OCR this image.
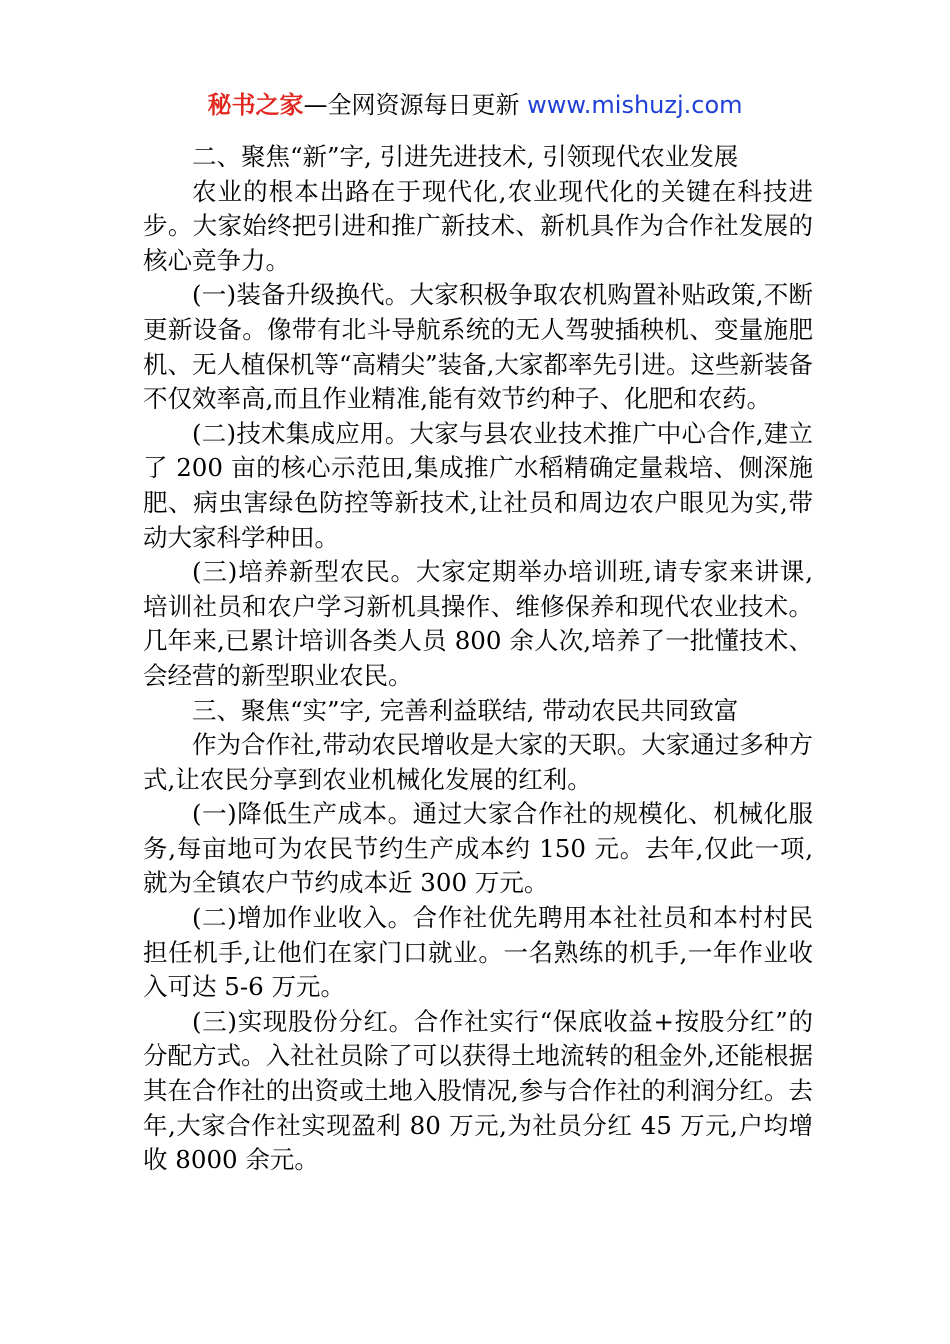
秘书之家—全网资源每日更新 www.mishuzj.com

二、聚焦“新”字, 引进先进技术, 引领现代农业发展

农业的根本出路在于现代化,农业现代化的关键在科技进步。大家始终把引进和推广新技术、新机具作为合作社发展的核心竞争力。

(一)装备升级换代。大家积极争取农机购置补贴政策,不断更新设备。像带有北斗导航系统的无人驾驶插秧机、变量施肥机、无人植保机等“高精尖”装备,大家都率先引进。这些新装备不仅效率高,而且作业精准,能有效节约种子、化肥和农药。

(二)技术集成应用。大家与县农业技术推广中心合作,建立了 200 亩的核心示范田,集成推广水稻精确定量栽培、侧深施肥、病虫害绿色防控等新技术,让社员和周边农户眼见为实,带动大家科学种田。

(三)培养新型农民。大家定期举办培训班,请专家来讲课,培训社员和农户学习新机具操作、维修保养和现代农业技术。几年来,已累计培训各类人员 800 余人次,培养了一批懂技术、会经营的新型职业农民。

三、聚焦“实”字, 完善利益联结, 带动农民共同致富

作为合作社,带动农民增收是大家的天职。大家通过多种方式,让农民分享到农业机械化发展的红利。

(一)降低生产成本。通过大家合作社的规模化、机械化服务,每亩地可为农民节约生产成本约 150 元。去年,仅此一项,就为全镇农户节约成本近 300 万元。

(二)增加作业收入。合作社优先聘用本社社员和本村村民担任机手,让他们在家门口就业。一名熟练的机手,一年作业收入可达 5-6 万元。

(三)实现股份分红。合作社实行“保底收益+按股分红”的分配方式。入社社员除了可以获得土地流转的租金外,还能根据其在合作社的出资或土地入股情况,参与合作社的利润分红。去年,大家合作社实现盈利 80 万元,为社员分红 45 万元,户均增收 8000 余元。
